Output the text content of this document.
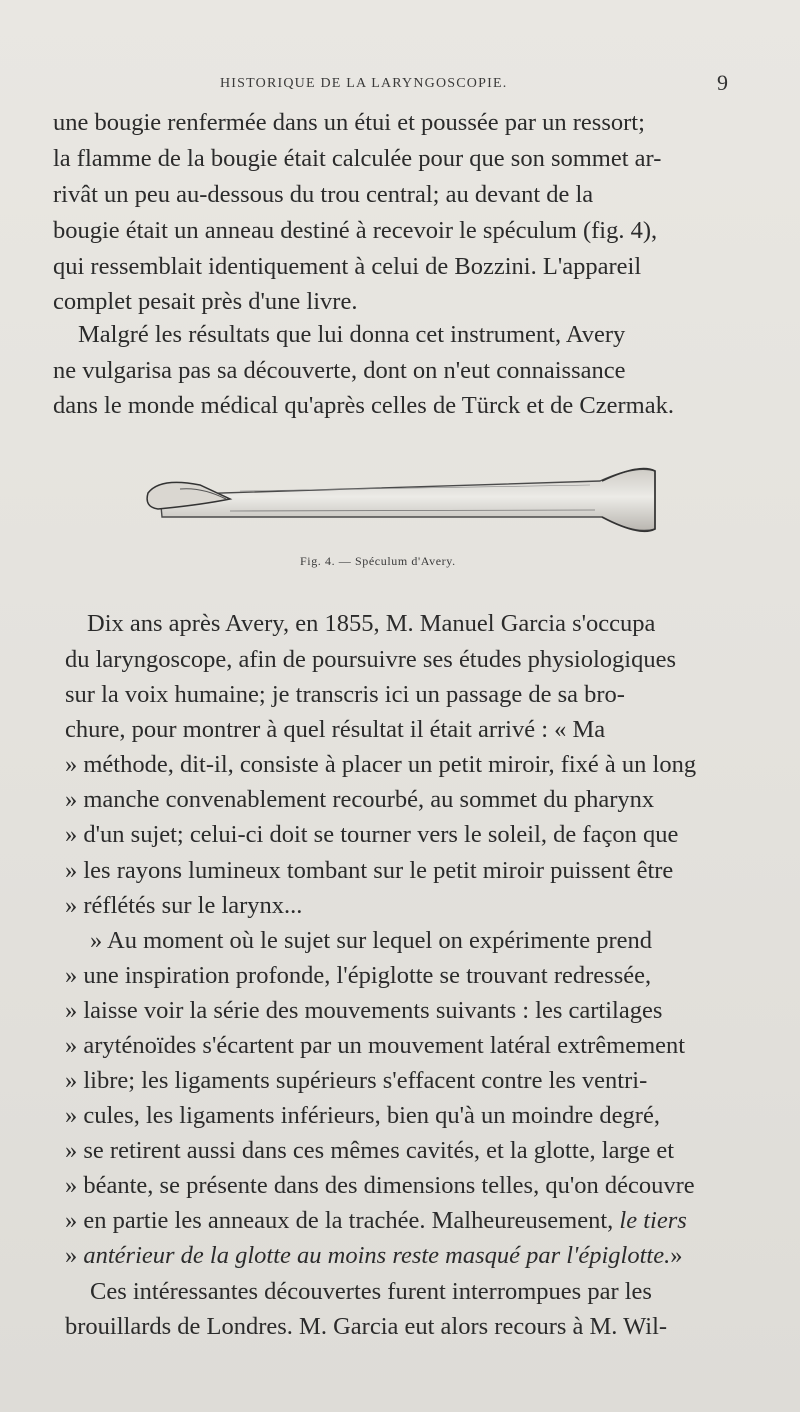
HISTORIQUE DE LA LARYNGOSCOPIE.	9
une bougie renfermée dans un étui et poussée par un ressort;
la flamme de la bougie était calculée pour que son sommet ar-
rivât un peu au-dessous du trou central; au devant de la
bougie était un anneau destiné à recevoir le spéculum (fig. 4),
qui ressemblait identiquement à celui de Bozzini. L'appareil
complet pesait près d'une livre.
Malgré les résultats que lui donna cet instrument, Avery
ne vulgarisa pas sa découverte, dont on n'eut connaissance
dans le monde médical qu'après celles de Türck et de Czermak.
Fig. 4. — Spéculum d'Avery.
Dix ans après Avery, en 1855, M. Manuel Garcia s'occupa
du laryngoscope, afin de poursuivre ses études physiologiques
sur la voix humaine; je transcris ici un passage de sa bro-
chure, pour montrer à quel résultat il était arrivé : « Ma
» méthode, dit-il, consiste à placer un petit miroir, fixé à un long
» manche convenablement recourbé, au sommet du pharynx
» d'un sujet; celui-ci doit se tourner vers le soleil, de façon que
» les rayons lumineux tombant sur le petit miroir puissent être
» réflétés sur le larynx...
» Au moment où le sujet sur lequel on expérimente prend
» une inspiration profonde, l'épiglotte se trouvant redressée,
» laisse voir la série des mouvements suivants : les cartilages
» aryténoïdes s'écartent par un mouvement latéral extrêmement
» libre; les ligaments supérieurs s'effacent contre les ventri-
» cules, les ligaments inférieurs, bien qu'à un moindre degré,
» se retirent aussi dans ces mêmes cavités, et la glotte, large et
» béante, se présente dans des dimensions telles, qu'on découvre
» en partie les anneaux de la trachée. Malheureusement, le tiers
» antérieur de la glotte au moins reste masqué par l'épiglotte.»
Ces intéressantes découvertes furent interrompues par les
brouillards de Londres. M. Garcia eut alors recours à M. Wil-
